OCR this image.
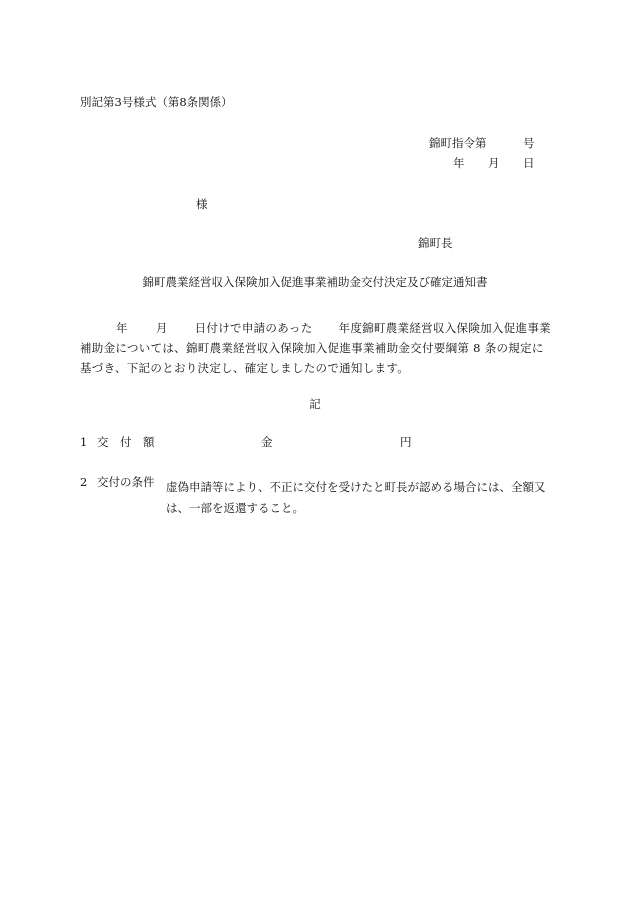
別記第3号様式（第8条関係）
錦町指令第	号
年 月 日
様
錦町長
錦町農業経営収入保険加入促進事業補助金交付決定及び確定通知書
年 月 日付けで申請のあった 年度錦町農業経営収入保険加入促進事業補助金については、錦町農業経営収入保険加入促進事業補助金交付要綱第 8 条の規定に基づき、下記のとおり決定し、確定しましたので通知します。
記
1 交　付　額	金	円
2 交付の条件 虚偽申請等により、不正に交付を受けたと町長が認める場合には、全額又は、一部を返還すること。
